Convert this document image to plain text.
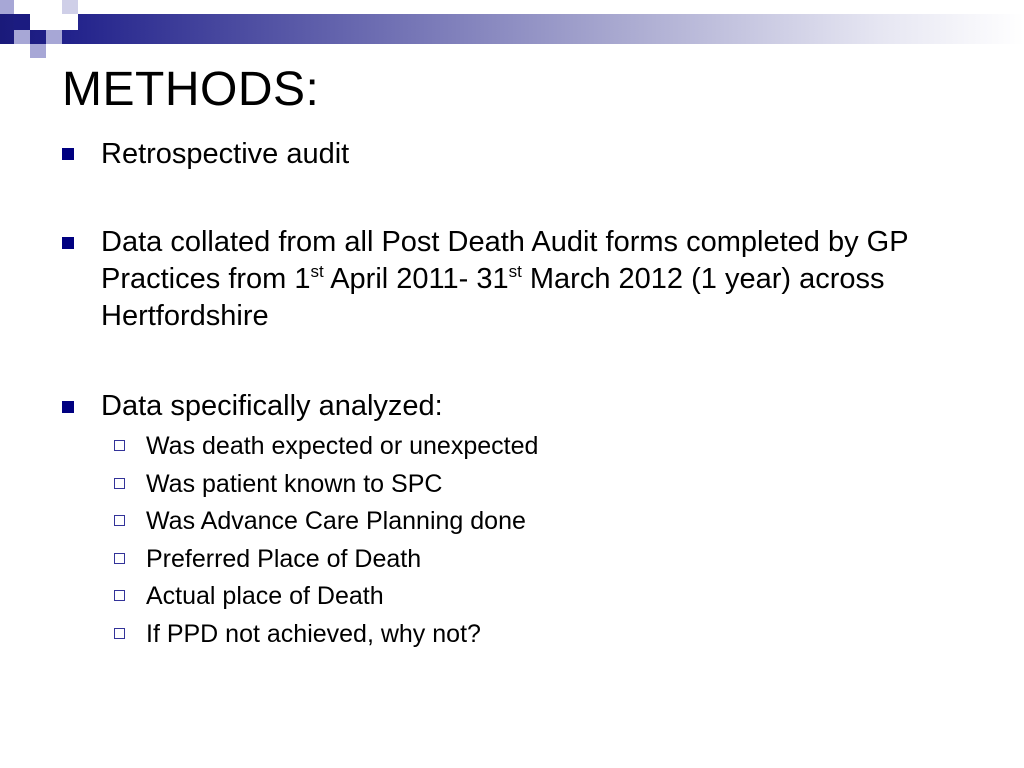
METHODS:
Retrospective audit
Data collated from all Post Death Audit forms completed by GP Practices from 1st April 2011- 31st March 2012 (1 year) across Hertfordshire
Data specifically analyzed:
Was death expected or unexpected
Was patient known to SPC
Was Advance Care Planning done
Preferred Place of Death
Actual place of Death
If PPD not achieved, why not?
